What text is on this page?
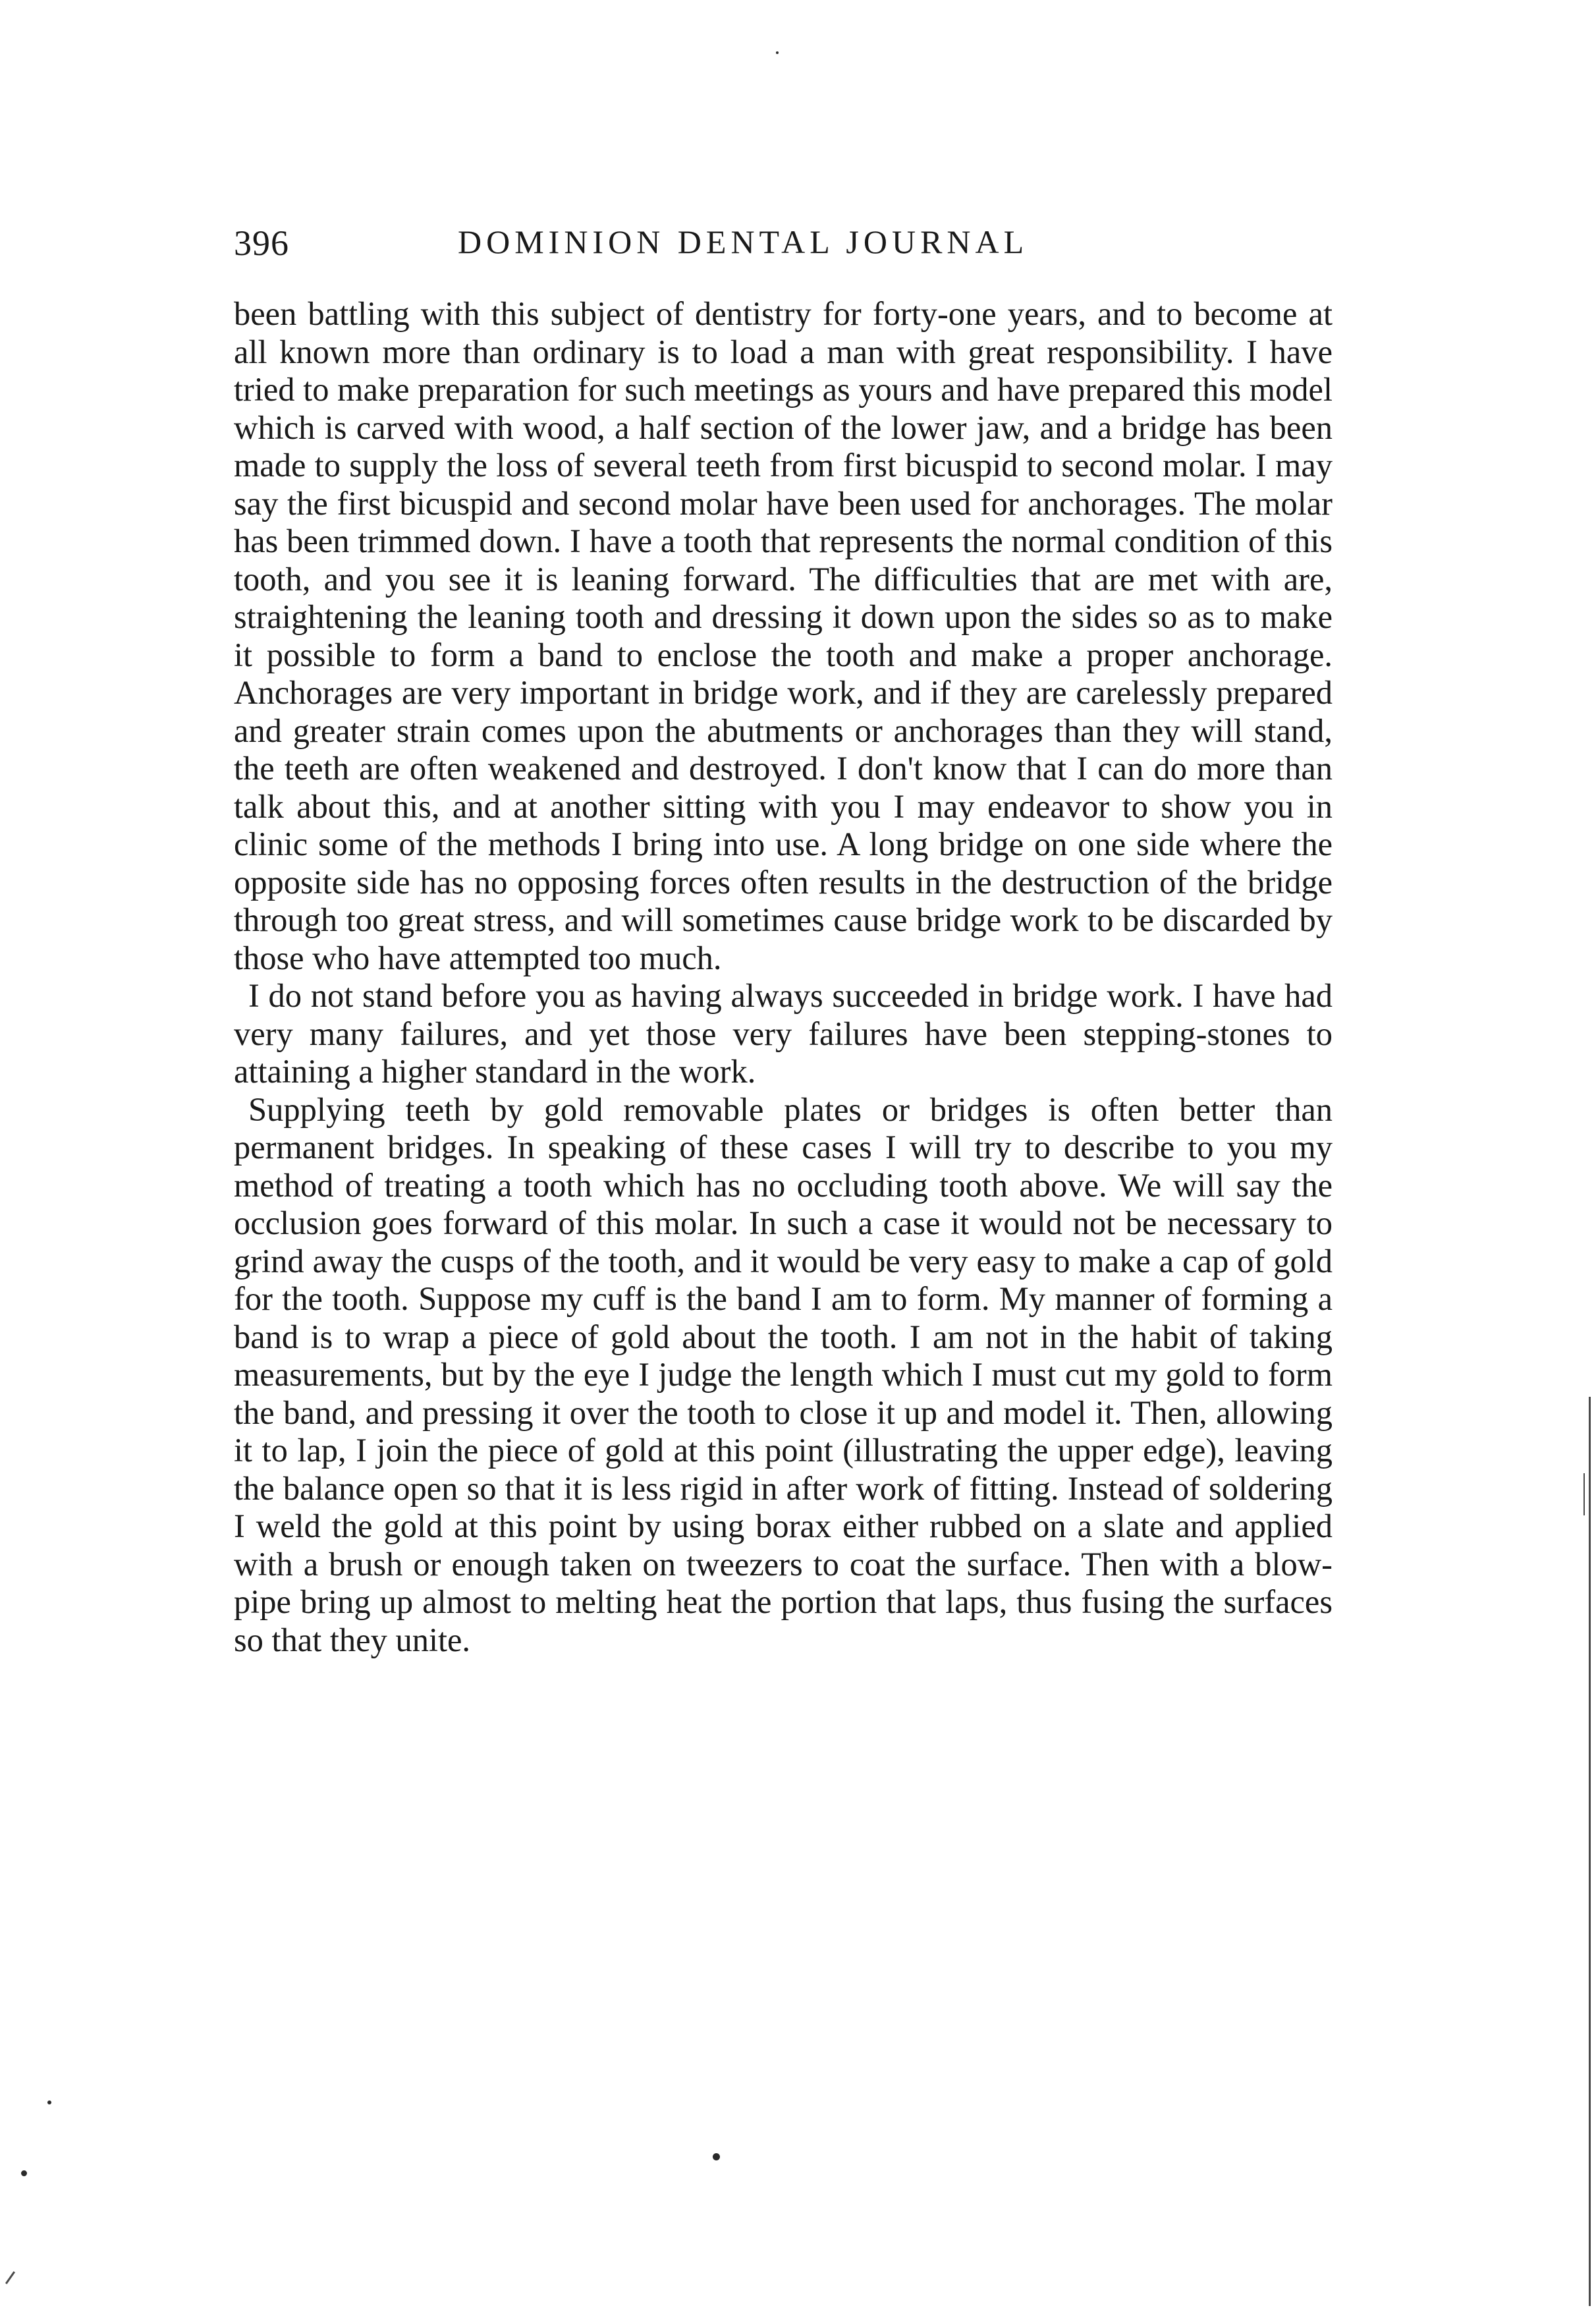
396	DOMINION DENTAL JOURNAL

been battling with this subject of dentistry for forty-one years, and to become at all known more than ordinary is to load a man with great responsibility. I have tried to make preparation for such meetings as yours and have prepared this model which is carved with wood, a half section of the lower jaw, and a bridge has been made to supply the loss of several teeth from first bicuspid to second molar. I may say the first bicuspid and second molar have been used for anchorages. The molar has been trimmed down. I have a tooth that represents the normal condition of this tooth, and you see it is leaning forward. The difficulties that are met with are, straightening the leaning tooth and dressing it down upon the sides so as to make it possible to form a band to enclose the tooth and make a proper anchorage. Anchorages are very important in bridge work, and if they are carelessly prepared and greater strain comes upon the abutments or anchorages than they will stand, the teeth are often weakened and destroyed. I don't know that I can do more than talk about this, and at another sitting with you I may endeavor to show you in clinic some of the methods I bring into use. A long bridge on one side where the opposite side has no opposing forces often results in the destruction of the bridge through too great stress, and will sometimes cause bridge work to be discarded by those who have attempted too much.

I do not stand before you as having always succeeded in bridge work. I have had very many failures, and yet those very failures have been stepping-stones to attaining a higher standard in the work.

Supplying teeth by gold removable plates or bridges is often better than permanent bridges. In speaking of these cases I will try to describe to you my method of treating a tooth which has no occluding tooth above. We will say the occlusion goes forward of this molar. In such a case it would not be necessary to grind away the cusps of the tooth, and it would be very easy to make a cap of gold for the tooth. Suppose my cuff is the band I am to form. My manner of forming a band is to wrap a piece of gold about the tooth. I am not in the habit of taking measurements, but by the eye I judge the length which I must cut my gold to form the band, and pressing it over the tooth to close it up and model it. Then, allowing it to lap, I join the piece of gold at this point (illustrating the upper edge), leaving the balance open so that it is less rigid in after work of fitting. Instead of soldering I weld the gold at this point by using borax either rubbed on a slate and applied with a brush or enough taken on tweezers to coat the surface. Then with a blow-pipe bring up almost to melting heat the portion that laps, thus fusing the surfaces so that they unite.
